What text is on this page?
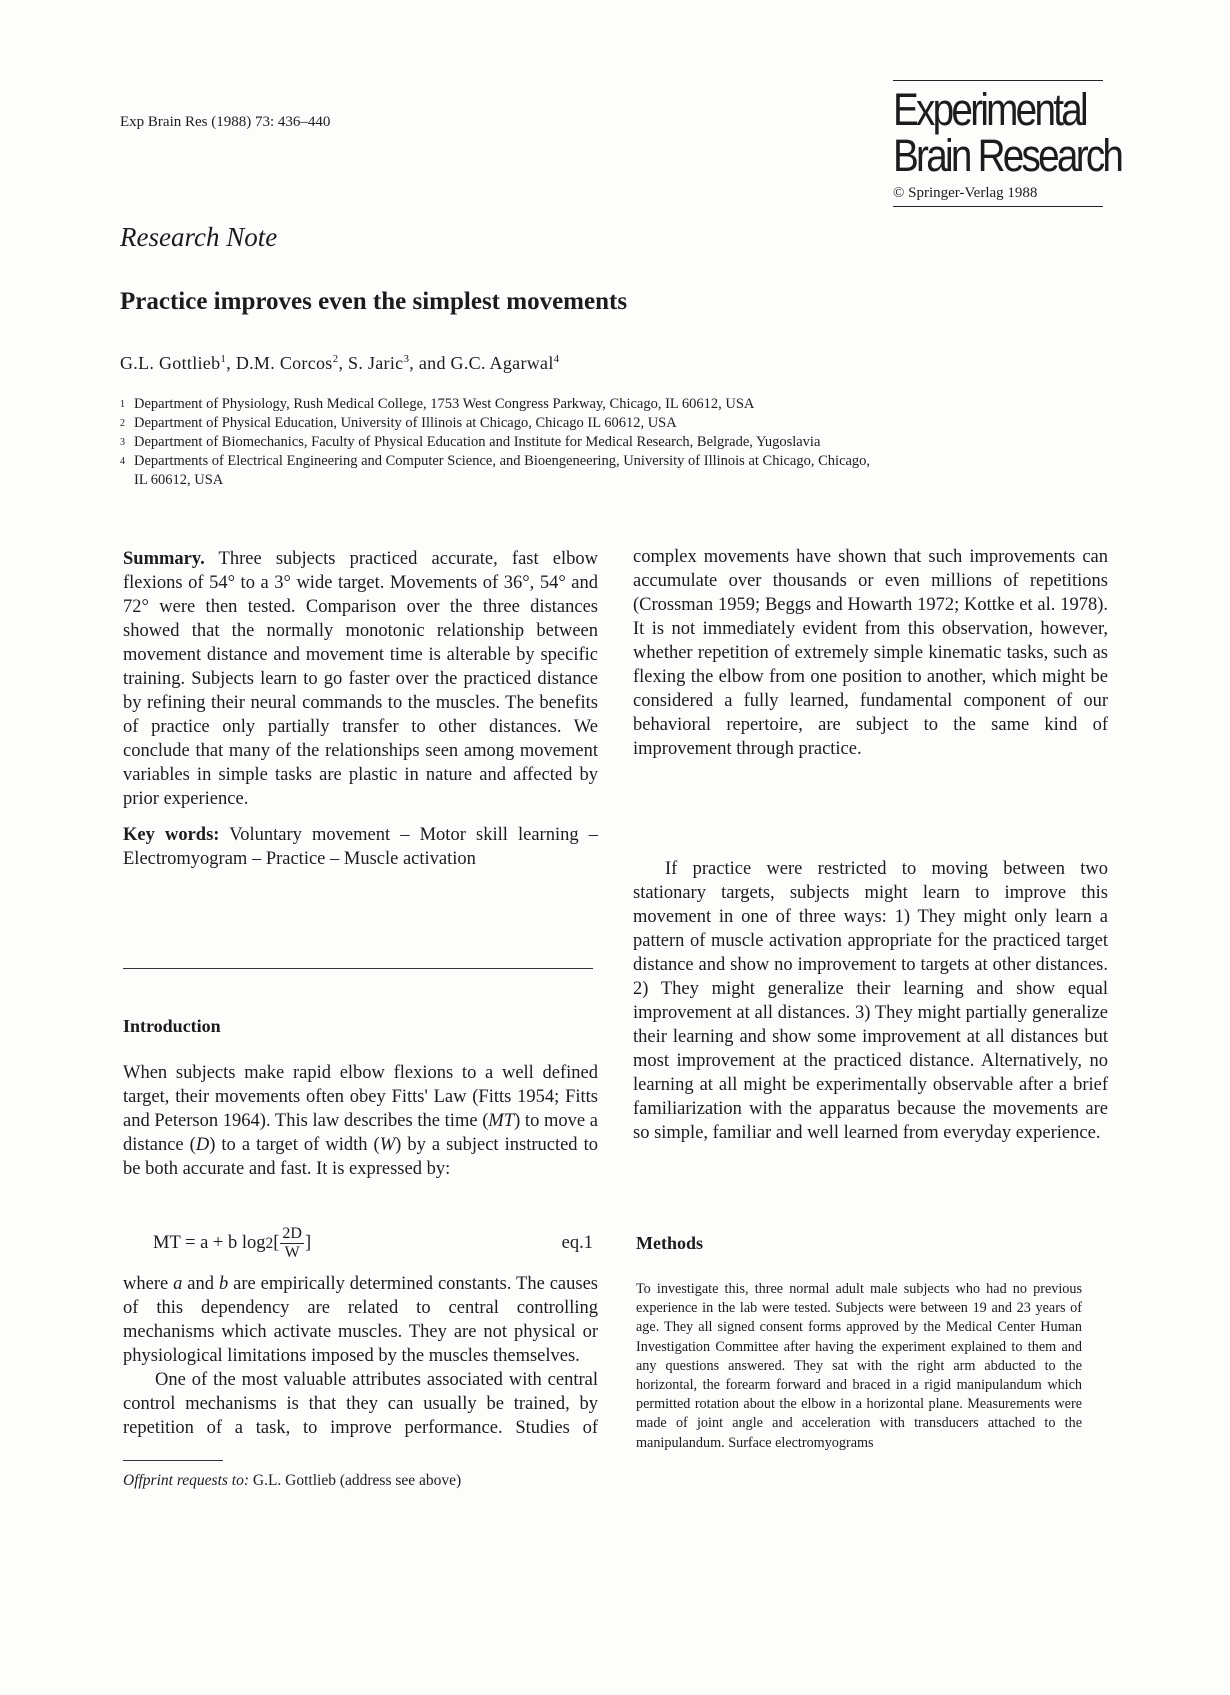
Exp Brain Res (1988) 73: 436–440	Experimental
Brain Research
© Springer-Verlag 1988
Research Note
Practice improves even the simplest movements
G.L. Gottlieb$^1$, D.M. Corcos$^2$, S. Jaric$^3$, and G.C. Agarwal$^4$
1 Department of Physiology, Rush Medical College, 1753 West Congress Parkway, Chicago, IL 60612, USA
2 Department of Physical Education, University of Illinois at Chicago, Chicago IL 60612, USA
3 Department of Biomechanics, Faculty of Physical Education and Institute for Medical Research, Belgrade, Yugoslavia
4 Departments of Electrical Engineering and Computer Science, and Bioengeneering, University of Illinois at Chicago, Chicago,
IL 60612, USA

Summary. Three subjects practiced accurate, fast elbow flexions of 54° to a 3° wide target. Movements of 36°, 54° and 72° were then tested. Comparison over the three distances showed that the normally monotonic relationship between movement distance and movement time is alterable by specific training. Subjects learn to go faster over the practiced distance by refining their neural commands to the muscles. The benefits of practice only partially transfer to other distances. We conclude that many of the relationships seen among movement variables in simple tasks are plastic in nature and affected by prior experience.

Key words: Voluntary movement – Motor skill learning – Electromyogram – Practice – Muscle activation

Introduction

When subjects make rapid elbow flexions to a well defined target, their movements often obey Fitts' Law (Fitts 1954; Fitts and Peterson 1964). This law describes the time (MT) to move a distance (D) to a target of width (W) by a subject instructed to be both accurate and fast. It is expressed by:

MT = a + b log 2 [ $\frac{2D}{W}$ ]	eq.1

where a and b are empirically determined constants. The causes of this dependency are related to central controlling mechanisms which activate muscles. They are not physical or physiological limitations imposed by the muscles themselves.

One of the most valuable attributes associated with central control mechanisms is that they can usually be trained, by repetition of a task, to improve performance. Studies of

Offprint requests to: G.L. Gottlieb (address see above)

complex movements have shown that such improvements can accumulate over thousands or even millions of repetitions (Crossman 1959; Beggs and Howarth 1972; Kottke et al. 1978). It is not immediately evident from this observation, however, whether repetition of extremely simple kinematic tasks, such as flexing the elbow from one position to another, which might be considered a fully learned, fundamental component of our behavioral repertoire, are subject to the same kind of improvement through practice.

If practice were restricted to moving between two stationary targets, subjects might learn to improve this movement in one of three ways: 1) They might only learn a pattern of muscle activation appropriate for the practiced target distance and show no improvement to targets at other distances. 2) They might generalize their learning and show equal improvement at all distances. 3) They might partially generalize their learning and show some improvement at all distances but most improvement at the practiced distance. Alternatively, no learning at all might be experimentally observable after a brief familiarization with the apparatus because the movements are so simple, familiar and well learned from everyday experience.

Methods

To investigate this, three normal adult male subjects who had no previous experience in the lab were tested. Subjects were between 19 and 23 years of age. They all signed consent forms approved by the Medical Center Human Investigation Committee after having the experiment explained to them and any questions answered. They sat with the right arm abducted to the horizontal, the forearm forward and braced in a rigid manipulandum which permitted rotation about the elbow in a horizontal plane. Measurements were made of joint angle and acceleration with transducers attached to the manipulandum. Surface electromyograms
